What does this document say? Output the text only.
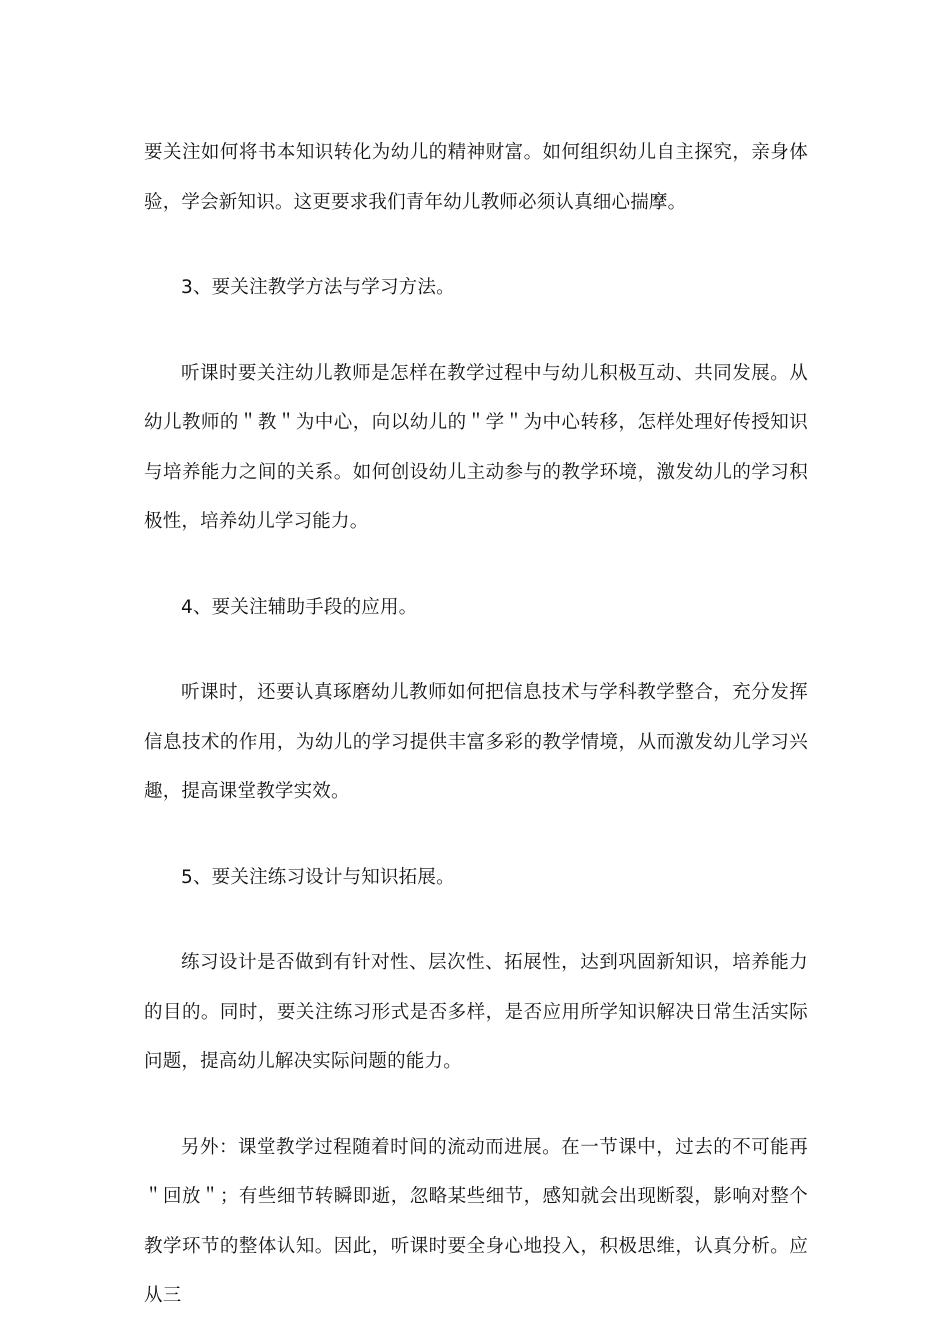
要关注如何将书本知识转化为幼儿的精神财富。如何组织幼儿自主探究，亲身体验，学会新知识。这更要求我们青年幼儿教师必须认真细心揣摩。

3、要关注教学方法与学习方法。

听课时要关注幼儿教师是怎样在教学过程中与幼儿积极互动、共同发展。从幼儿教师的＂教＂为中心，向以幼儿的＂学＂为中心转移，怎样处理好传授知识与培养能力之间的关系。如何创设幼儿主动参与的教学环境，激发幼儿的学习积极性，培养幼儿学习能力。

4、要关注辅助手段的应用。

听课时，还要认真琢磨幼儿教师如何把信息技术与学科教学整合，充分发挥信息技术的作用，为幼儿的学习提供丰富多彩的教学情境，从而激发幼儿学习兴趣，提高课堂教学实效。

5、要关注练习设计与知识拓展。

练习设计是否做到有针对性、层次性、拓展性，达到巩固新知识，培养能力的目的。同时，要关注练习形式是否多样，是否应用所学知识解决日常生活实际问题，提高幼儿解决实际问题的能力。

另外：课堂教学过程随着时间的流动而进展。在一节课中，过去的不可能再＂回放＂；有些细节转瞬即逝，忽略某些细节，感知就会出现断裂，影响对整个教学环节的整体认知。因此，听课时要全身心地投入，积极思维，认真分析。应从三
